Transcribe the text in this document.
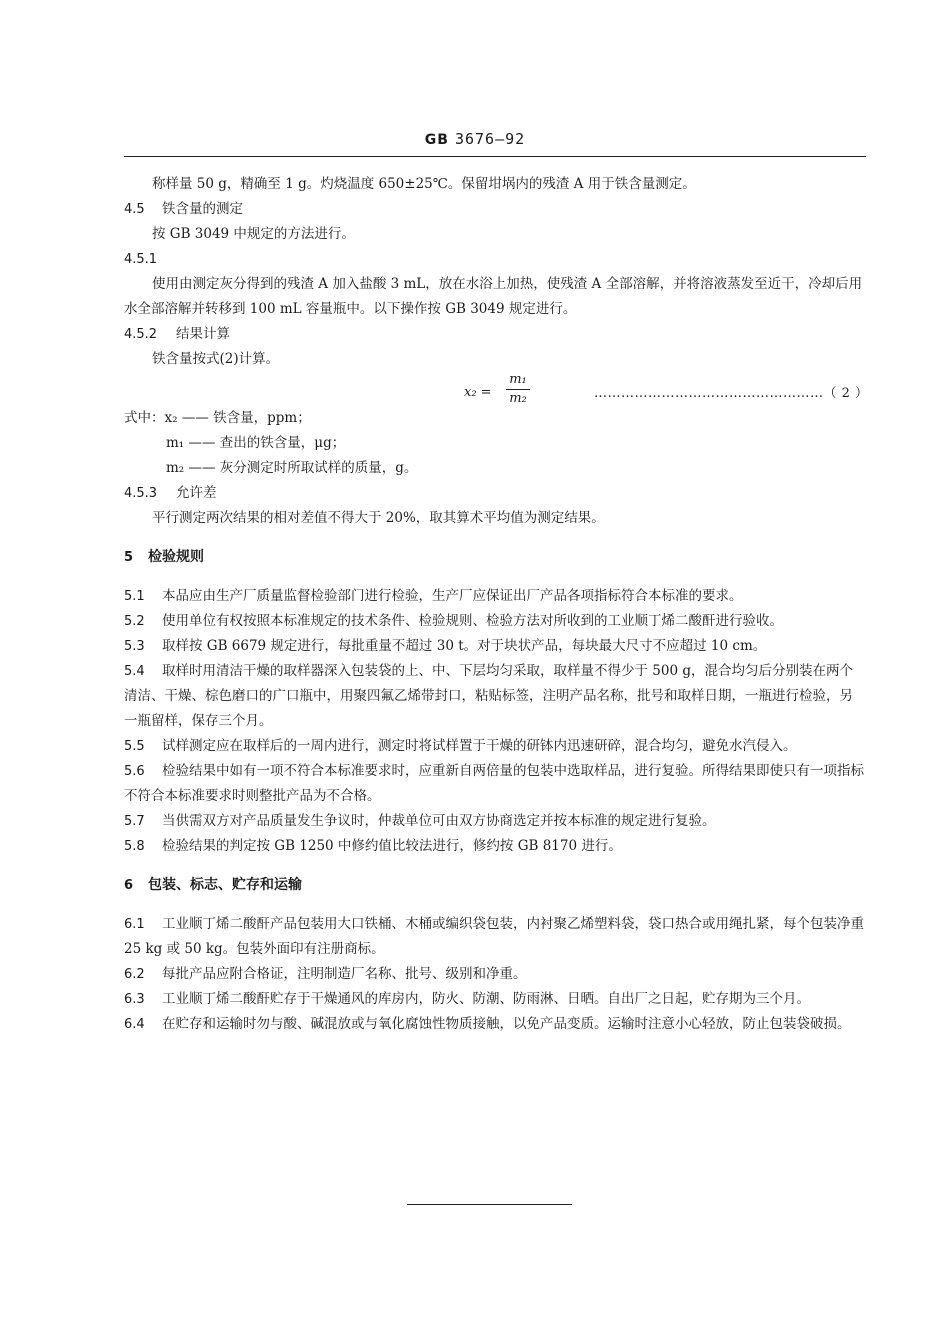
GB 3676—92

称样量 50 g，精确至 1 g。灼烧温度 650±25℃。保留坩埚内的残渣 A 用于铁含量测定。

4.5 铁含量的测定

按 GB 3049 中规定的方法进行。

4.5.1

使用由测定灰分得到的残渣 A 加入盐酸 3 mL，放在水浴上加热，使残渣 A 全部溶解，并将溶液蒸发至近干，冷却后用水全部溶解并转移到 100 mL 容量瓶中。以下操作按 GB 3049 规定进行。

4.5.2 结果计算

铁含量按式(2)计算。

x₂ =
m₁
m₂	……………………………………………（ 2 ）

式中：x₂ —— 铁含量，ppm；

m₁ —— 查出的铁含量，μg；

m₂ —— 灰分测定时所取试样的质量，g。

4.5.3 允许差

平行测定两次结果的相对差值不得大于 20%，取其算术平均值为测定结果。

5 检验规则

5.1 本品应由生产厂质量监督检验部门进行检验，生产厂应保证出厂产品各项指标符合本标准的要求。

5.2 使用单位有权按照本标准规定的技术条件、检验规则、检验方法对所收到的工业顺丁烯二酸酐进行验收。

5.3 取样按 GB 6679 规定进行，每批重量不超过 30 t。对于块状产品，每块最大尺寸不应超过 10 cm。

5.4 取样时用清洁干燥的取样器深入包装袋的上、中、下层均匀采取，取样量不得少于 500 g，混合均匀后分别装在两个清洁、干燥、棕色磨口的广口瓶中，用聚四氟乙烯带封口，粘贴标签，注明产品名称，批号和取样日期，一瓶进行检验，另一瓶留样，保存三个月。

5.5 试样测定应在取样后的一周内进行，测定时将试样置于干燥的研钵内迅速研碎，混合均匀，避免水汽侵入。

5.6 检验结果中如有一项不符合本标准要求时，应重新自两倍量的包装中选取样品，进行复验。所得结果即使只有一项指标不符合本标准要求时则整批产品为不合格。

5.7 当供需双方对产品质量发生争议时，仲裁单位可由双方协商选定并按本标准的规定进行复验。

5.8 检验结果的判定按 GB 1250 中修约值比较法进行，修约按 GB 8170 进行。

6 包装、标志、贮存和运输

6.1 工业顺丁烯二酸酐产品包装用大口铁桶、木桶或编织袋包装，内衬聚乙烯塑料袋，袋口热合或用绳扎紧，每个包装净重 25 kg 或 50 kg。包装外面印有注册商标。

6.2 每批产品应附合格证，注明制造厂名称、批号、级别和净重。

6.3 工业顺丁烯二酸酐贮存于干燥通风的库房内，防火、防潮、防雨淋、日晒。自出厂之日起，贮存期为三个月。

6.4 在贮存和运输时勿与酸、碱混放或与氧化腐蚀性物质接触，以免产品变质。运输时注意小心轻放，防止包装袋破损。
